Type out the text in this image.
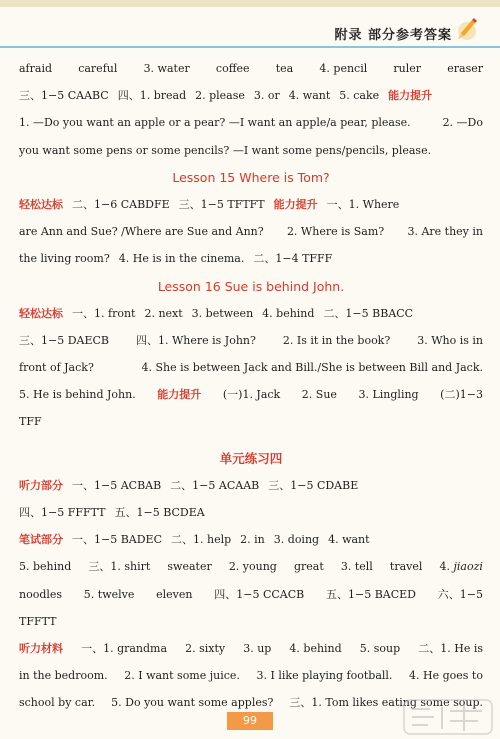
附录 部分参考答案
afraid careful 3. water coffee tea 4. pencil ruler eraser
三、1−5 CAABC 四、1. bread 2. please 3. or 4. want 5. cake 能力提升
1. —Do you want an apple or a pear? —I want an apple/a pear, please.	2. —Do
you want some pens or some pencils? —I want some pens/pencils, please.
Lesson 15 Where is Tom?
轻松达标 二、1−6 CABDFE 三、1−5 TFTFT 能力提升 一、1. Where
are Ann and Sue? /Where are Sue and Ann? 2. Where is Sam? 3. Are they in
the living room? 4. He is in the cinema. 二、1−4 TFFF
Lesson 16 Sue is behind John.
轻松达标 一、1. front 2. next 3. between 4. behind 二、1−5 BBACC
三、1−5 DAECB 四、1. Where is John? 2. Is it in the book? 3. Who is in
front of Jack?	4. She is between Jack and Bill./She is between Bill and Jack.
5. He is behind John. 能力提升 (一)1. Jack 2. Sue 3. Lingling (二)1−3
TFF
单元练习四
听力部分 一、1−5 ACBAB 二、1−5 ACAAB 三、1−5 CDABE
四、1−5 FFFTT 五、1−5 BCDEA
笔试部分 一、1−5 BADEC 二、1. help 2. in 3. doing 4. want
5. behind 三、1. shirt sweater 2. young great 3. tell travel 4. jiaozi
noodles 5. twelve eleven 四、1−5 CCACB 五、1−5 BACED 六、1−5
TFFTT
听力材料 一、1. grandma 2. sixty 3. up 4. behind 5. soup 二、1. He is
in the bedroom. 2. I want some juice. 3. I like playing football. 4. He goes to
school by car. 5. Do you want some apples? 三、1. Tom likes eating some soup.
99
